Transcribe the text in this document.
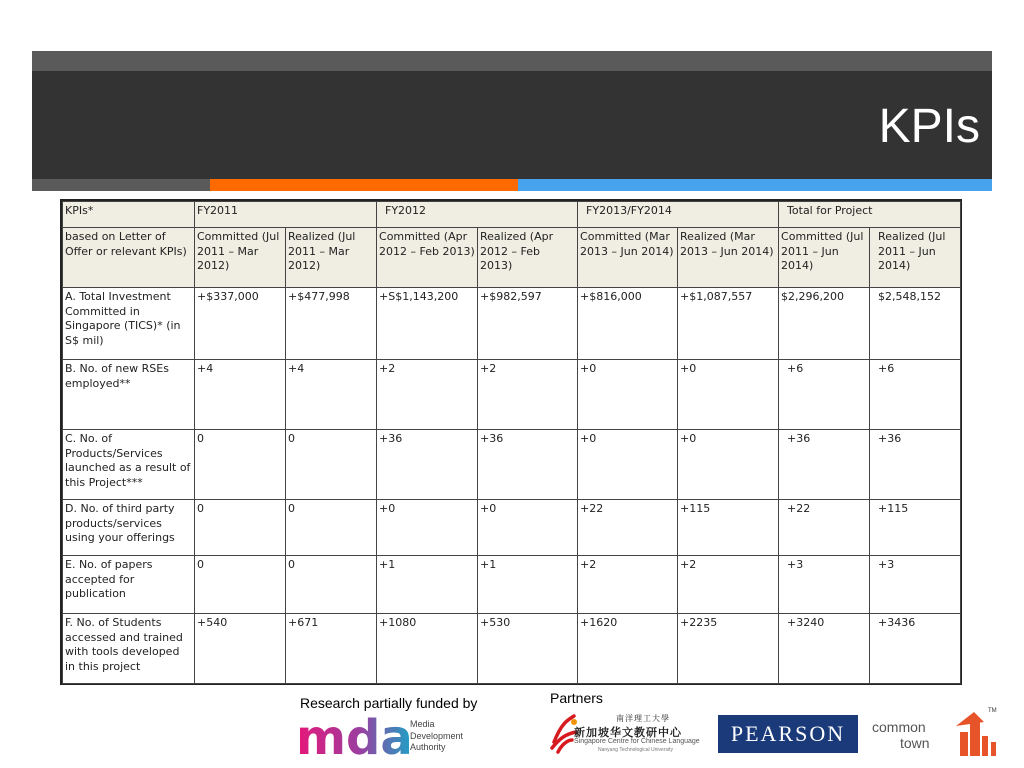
KPIs
KPIs*	FY2011		FY2012		FY2013/FY2014		Total for Project	
based on Letter of Offer or relevant KPIs)	Committed (Jul 2011 – Mar 2012)	Realized (Jul 2011 – Mar 2012)	Committed (Apr 2012 – Feb 2013)	Realized (Apr 2012 – Feb 2013)	Committed (Mar 2013 – Jun 2014)	Realized (Mar 2013 – Jun 2014)	Committed (Jul 2011 – Jun 2014)	Realized (Jul 2011 – Jun 2014)
A. Total Investment Committed in Singapore (TICS)* (in S$ mil)	+$337,000	+$477,998	+S$1,143,200	+$982,597	+$816,000	+$1,087,557	$2,296,200	$2,548,152
B. No. of new RSEs employed**	+4	+4	+2	+2	+0	+0	+6	+6
C. No. of Products/Services launched as a result of this Project***	0	0	+36	+36	+0	+0	+36	+36
D. No. of third party products/services using your offerings	0	0	+0	+0	+22	+115	+22	+115
E. No. of papers accepted for publication	0	0	+1	+1	+2	+2	+3	+3
F. No. of Students accessed and trained with tools developed in this project	+540	+671	+1080	+530	+1620	+2235	+3240	+3436
Research partially funded by	Partners
mda
Media
Development
Authority
南洋理工大學
新加坡华文教研中心
Singapore Centre for Chinese Language
Nanyang Technological University
PEARSON	common
town
TM
